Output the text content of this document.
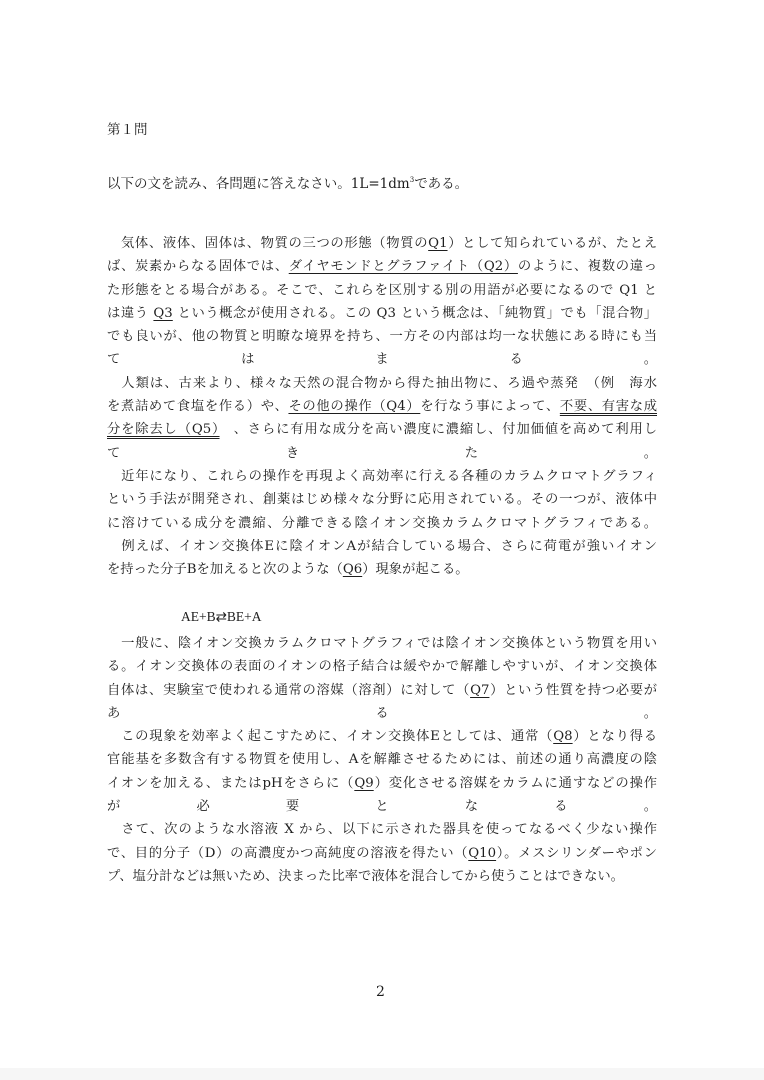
第１問
以下の文を読み、各問題に答えなさい。$1L=1dm^3$である。
　気体、液体、固体は、物質の三つの形態（物質のQ1）として知られているが、たとえ
ば、炭素からなる固体では、ダイヤモンドとグラファイト（Q2）のように、複数の違っ
た形態をとる場合がある。そこで、これらを区別する別の用語が必要になるので Q1 と
は違う Q3 という概念が使用される。この Q3 という概念は、「純物質」でも「混合物」
でも良いが、他の物質と明瞭な境界を持ち、一方その内部は均一な状態にある時にも当
てはまる。
　人類は、古来より、様々な天然の混合物から得た抽出物に、ろ過や蒸発　（例　海水
を煮詰めて食塩を作る）や、その他の操作（Q4）を行なう事によって、不要、有害な成
分を除去し（Q5）　、さらに有用な成分を高い濃度に濃縮し、付加価値を高めて利用し
てきた。
　近年になり、これらの操作を再現よく高効率に行える各種のカラムクロマトグラフィ
という手法が開発され、創薬はじめ様々な分野に応用されている。その一つが、液体中
に溶けている成分を濃縮、分離できる陰イオン交換カラムクロマトグラフィである。
　例えば、イオン交換体Eに陰イオンAが結合している場合、さらに荷電が強いイオン
を持った分子Bを加えると次のような（Q6）現象が起こる。
AE+B⇄BE+A
　一般に、陰イオン交換カラムクロマトグラフィでは陰イオン交換体という物質を用い
る。イオン交換体の表面のイオンの格子結合は緩やかで解離しやすいが、イオン交換体
自体は、実験室で使われる通常の溶媒（溶剤）に対して（Q7）という性質を持つ必要が
ある。
　この現象を効率よく起こすために、イオン交換体Eとしては、通常（Q8）となり得る
官能基を多数含有する物質を使用し、Aを解離させるためには、前述の通り高濃度の陰
イオンを加える、またはpHをさらに（Q9）変化させる溶媒をカラムに通すなどの操作
が必要となる。
　さて、次のような水溶液 X から、以下に示された器具を使ってなるべく少ない操作
で、目的分子（D）の高濃度かつ高純度の溶液を得たい（Q10）。メスシリンダーやポン
プ、塩分計などは無いため、決まった比率で液体を混合してから使うことはできない。
2
